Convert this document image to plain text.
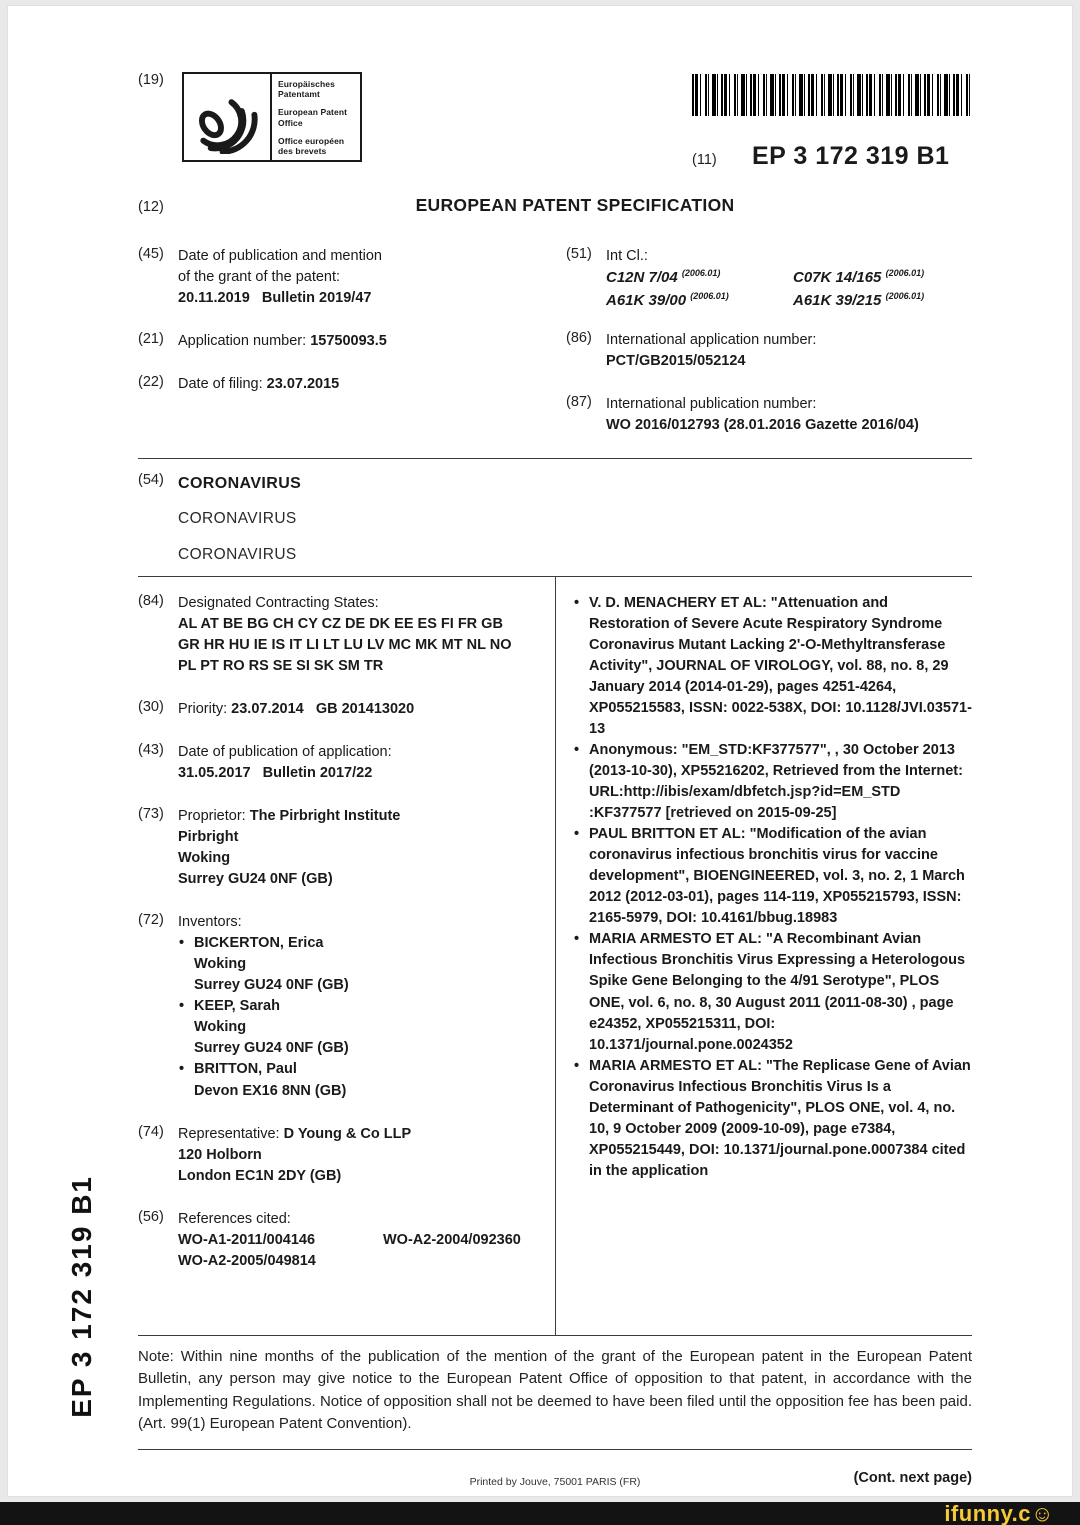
(19)	Europäisches Patentamt
European Patent Office
Office européen des brevets
(11)	EP 3 172 319 B1
(12)	EUROPEAN PATENT SPECIFICATION
(45) Date of publication and mention
of the grant of the patent:
20.11.2019   Bulletin 2019/47
(21) Application number: 15750093.5
(22) Date of filing: 23.07.2015
(51) Int Cl.:
C12N 7/04 $^{(2006.01)}$	C07K 14/165 $^{(2006.01)}$
A61K 39/00 $^{(2006.01)}$	A61K 39/215 $^{(2006.01)}$
(86) International application number:
PCT/GB2015/052124
(87) International publication number:
WO 2016/012793 (28.01.2016 Gazette 2016/04)
(54) CORONAVIRUS
CORONAVIRUS
CORONAVIRUS
(84) Designated Contracting States:
AL AT BE BG CH CY CZ DE DK EE ES FI FR GB
GR HR HU IE IS IT LI LT LU LV MC MK MT NL NO
PL PT RO RS SE SI SK SM TR
(30) Priority: 23.07.2014   GB 201413020
(43) Date of publication of application:
31.05.2017   Bulletin 2017/22
(73) Proprietor: The Pirbright Institute
Pirbright
Woking
Surrey GU24 0NF (GB)
(72) Inventors:
• BICKERTON, Erica
Woking
Surrey GU24 0NF (GB)
• KEEP, Sarah
Woking
Surrey GU24 0NF (GB)
• BRITTON, Paul
Devon EX16 8NN (GB)
(74) Representative: D Young & Co LLP
120 Holborn
London EC1N 2DY (GB)
(56) References cited:
WO-A1-2011/004146	WO-A2-2004/092360
WO-A2-2005/049814
• V. D. MENACHERY ET AL: "Attenuation and Restoration of Severe Acute Respiratory Syndrome Coronavirus Mutant Lacking 2'-O-Methyltransferase Activity", JOURNAL OF VIROLOGY, vol. 88, no. 8, 29 January 2014 (2014-01-29), pages 4251-4264, XP055215583, ISSN: 0022-538X, DOI: 10.1128/JVI.03571-13
• Anonymous: "EM_STD:KF377577", , 30 October 2013 (2013-10-30), XP55216202, Retrieved from the Internet: URL:http://ibis/exam/dbfetch.jsp?id=EM_STD :KF377577 [retrieved on 2015-09-25]
• PAUL BRITTON ET AL: "Modification of the avian coronavirus infectious bronchitis virus for vaccine development", BIOENGINEERED, vol. 3, no. 2, 1 March 2012 (2012-03-01), pages 114-119, XP055215793, ISSN: 2165-5979, DOI: 10.4161/bbug.18983
• MARIA ARMESTO ET AL: "A Recombinant Avian Infectious Bronchitis Virus Expressing a Heterologous Spike Gene Belonging to the 4/91 Serotype", PLOS ONE, vol. 6, no. 8, 30 August 2011 (2011-08-30) , page e24352, XP055215311, DOI: 10.1371/journal.pone.0024352
• MARIA ARMESTO ET AL: "The Replicase Gene of Avian Coronavirus Infectious Bronchitis Virus Is a Determinant of Pathogenicity", PLOS ONE, vol. 4, no. 10, 9 October 2009 (2009-10-09), page e7384, XP055215449, DOI: 10.1371/journal.pone.0007384 cited in the application

Note: Within nine months of the publication of the mention of the grant of the European patent in the European Patent Bulletin, any person may give notice to the European Patent Office of opposition to that patent, in accordance with the Implementing Regulations. Notice of opposition shall not be deemed to have been filed until the opposition fee has been paid. (Art. 99(1) European Patent Convention).

Printed by Jouve, 75001 PARIS (FR)	(Cont. next page)
EP 3 172 319 B1
ifunny.c☺
